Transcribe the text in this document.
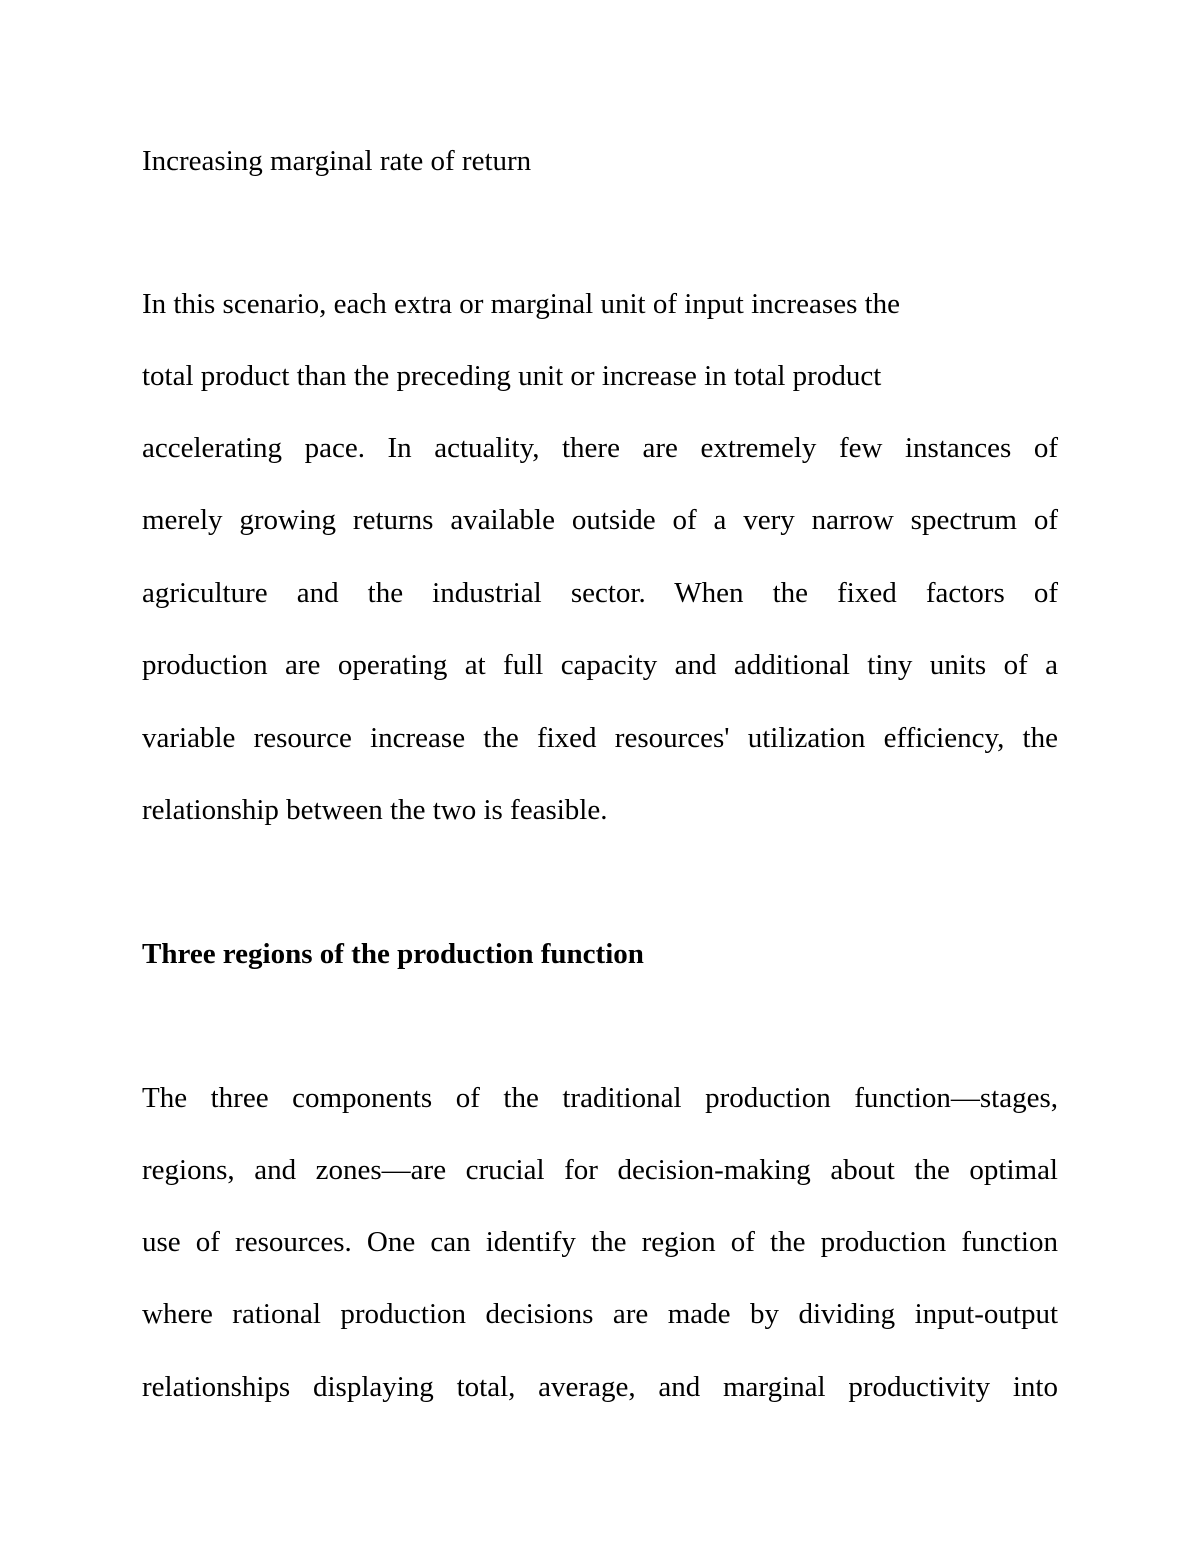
Increasing marginal rate of return
In this scenario, each extra or marginal unit of input increases the
total product than the preceding unit or increase in total product
accelerating pace. In actuality, there are extremely few instances of
merely growing returns available outside of a very narrow spectrum of
agriculture and the industrial sector. When the fixed factors of
production are operating at full capacity and additional tiny units of a
variable resource increase the fixed resources' utilization efficiency, the
relationship between the two is feasible.
Three regions of the production function
The three components of the traditional production function—stages,
regions, and zones—are crucial for decision-making about the optimal
use of resources. One can identify the region of the production function
where rational production decisions are made by dividing input-output
relationships displaying total, average, and marginal productivity into
